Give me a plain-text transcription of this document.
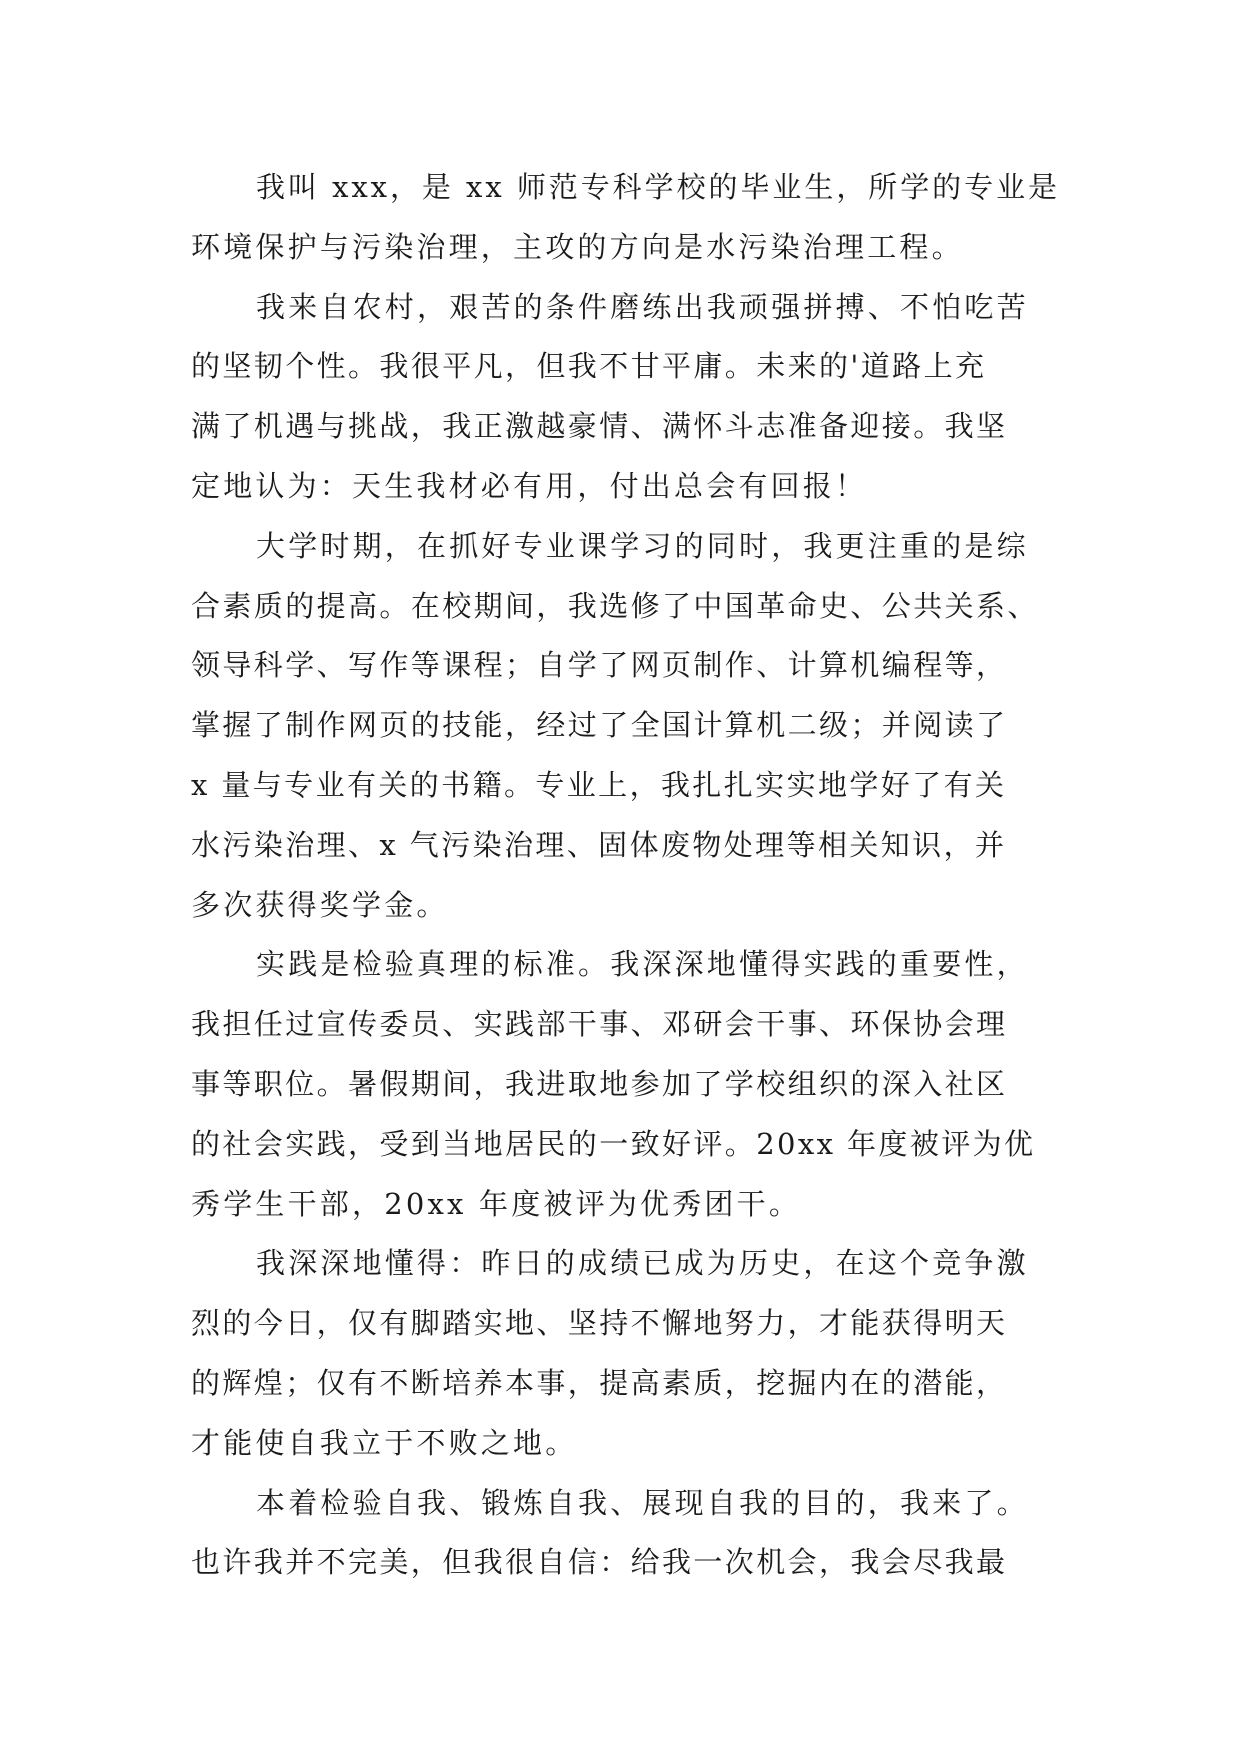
我叫 xxx，是 xx 师范专科学校的毕业生，所学的专业是
环境保护与污染治理，主攻的方向是水污染治理工程。
我来自农村，艰苦的条件磨练出我顽强拼搏、不怕吃苦
的坚韧个性。我很平凡，但我不甘平庸。未来的'道路上充
满了机遇与挑战，我正激越豪情、满怀斗志准备迎接。我坚
定地认为：天生我材必有用，付出总会有回报！
大学时期，在抓好专业课学习的同时，我更注重的是综
合素质的提高。在校期间，我选修了中国革命史、公共关系、
领导科学、写作等课程；自学了网页制作、计算机编程等，
掌握了制作网页的技能，经过了全国计算机二级；并阅读了
x 量与专业有关的书籍。专业上，我扎扎实实地学好了有关
水污染治理、x 气污染治理、固体废物处理等相关知识，并
多次获得奖学金。
实践是检验真理的标准。我深深地懂得实践的重要性，
我担任过宣传委员、实践部干事、邓研会干事、环保协会理
事等职位。暑假期间，我进取地参加了学校组织的深入社区
的社会实践，受到当地居民的一致好评。20xx 年度被评为优
秀学生干部，20xx 年度被评为优秀团干。
我深深地懂得：昨日的成绩已成为历史，在这个竞争激
烈的今日，仅有脚踏实地、坚持不懈地努力，才能获得明天
的辉煌；仅有不断培养本事，提高素质，挖掘内在的潜能，
才能使自我立于不败之地。
本着检验自我、锻炼自我、展现自我的目的，我来了。
也许我并不完美，但我很自信：给我一次机会，我会尽我最
